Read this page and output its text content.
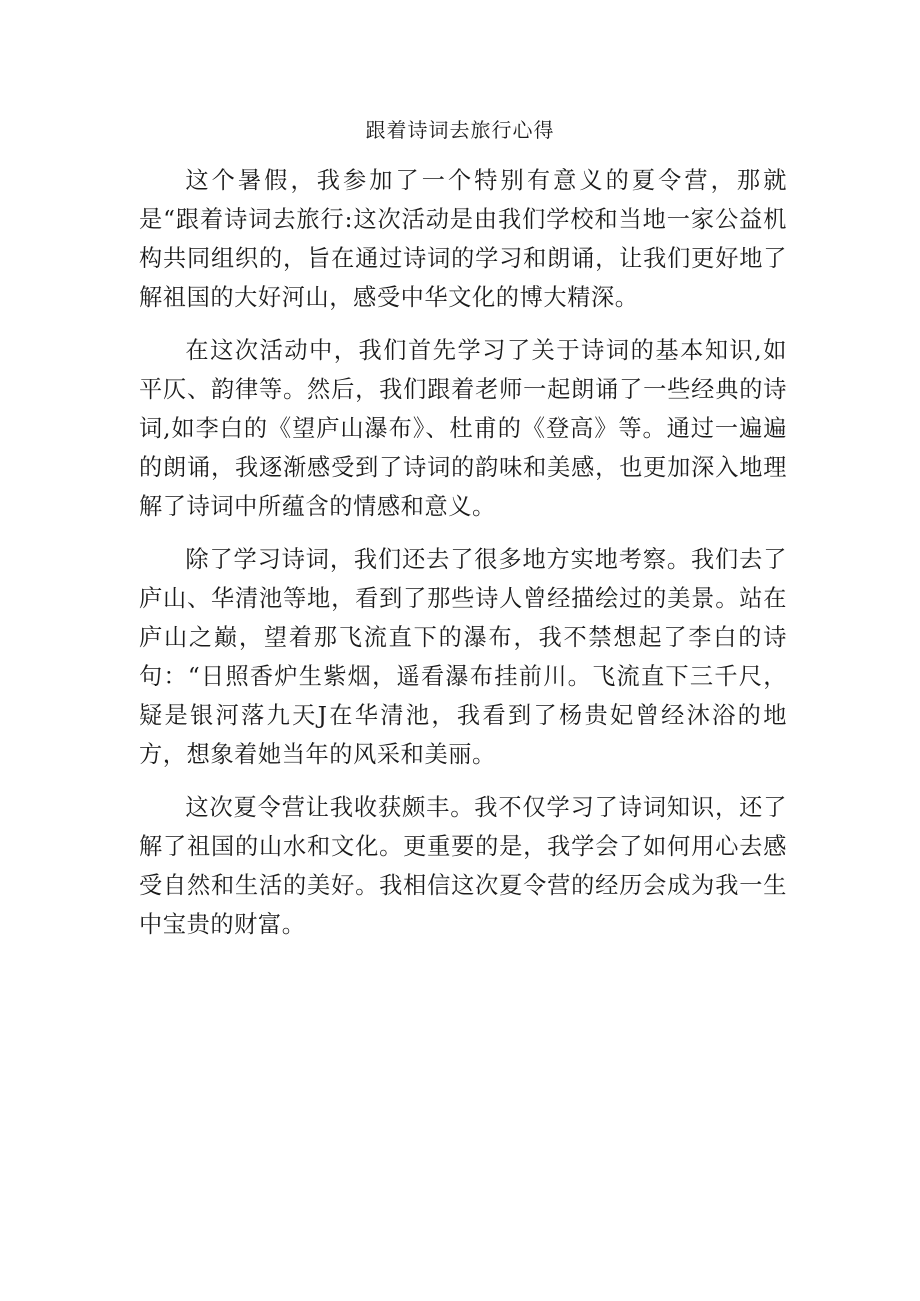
跟着诗词去旅行心得

这个暑假，我参加了一个特别有意义的夏令营，那就是“跟着诗词去旅行:这次活动是由我们学校和当地一家公益机构共同组织的，旨在通过诗词的学习和朗诵，让我们更好地了解祖国的大好河山，感受中华文化的博大精深。

在这次活动中，我们首先学习了关于诗词的基本知识,如平仄、韵律等。然后，我们跟着老师一起朗诵了一些经典的诗词,如李白的《望庐山瀑布》、杜甫的《登高》等。通过一遍遍的朗诵，我逐渐感受到了诗词的韵味和美感，也更加深入地理解了诗词中所蕴含的情感和意义。

除了学习诗词，我们还去了很多地方实地考察。我们去了庐山、华清池等地，看到了那些诗人曾经描绘过的美景。站在庐山之巅，望着那飞流直下的瀑布，我不禁想起了李白的诗句：“日照香炉生紫烟，遥看瀑布挂前川。飞流直下三千尺，疑是银河落九天J在华清池，我看到了杨贵妃曾经沐浴的地方，想象着她当年的风采和美丽。

这次夏令营让我收获颇丰。我不仅学习了诗词知识，还了解了祖国的山水和文化。更重要的是，我学会了如何用心去感受自然和生活的美好。我相信这次夏令营的经历会成为我一生中宝贵的财富。
